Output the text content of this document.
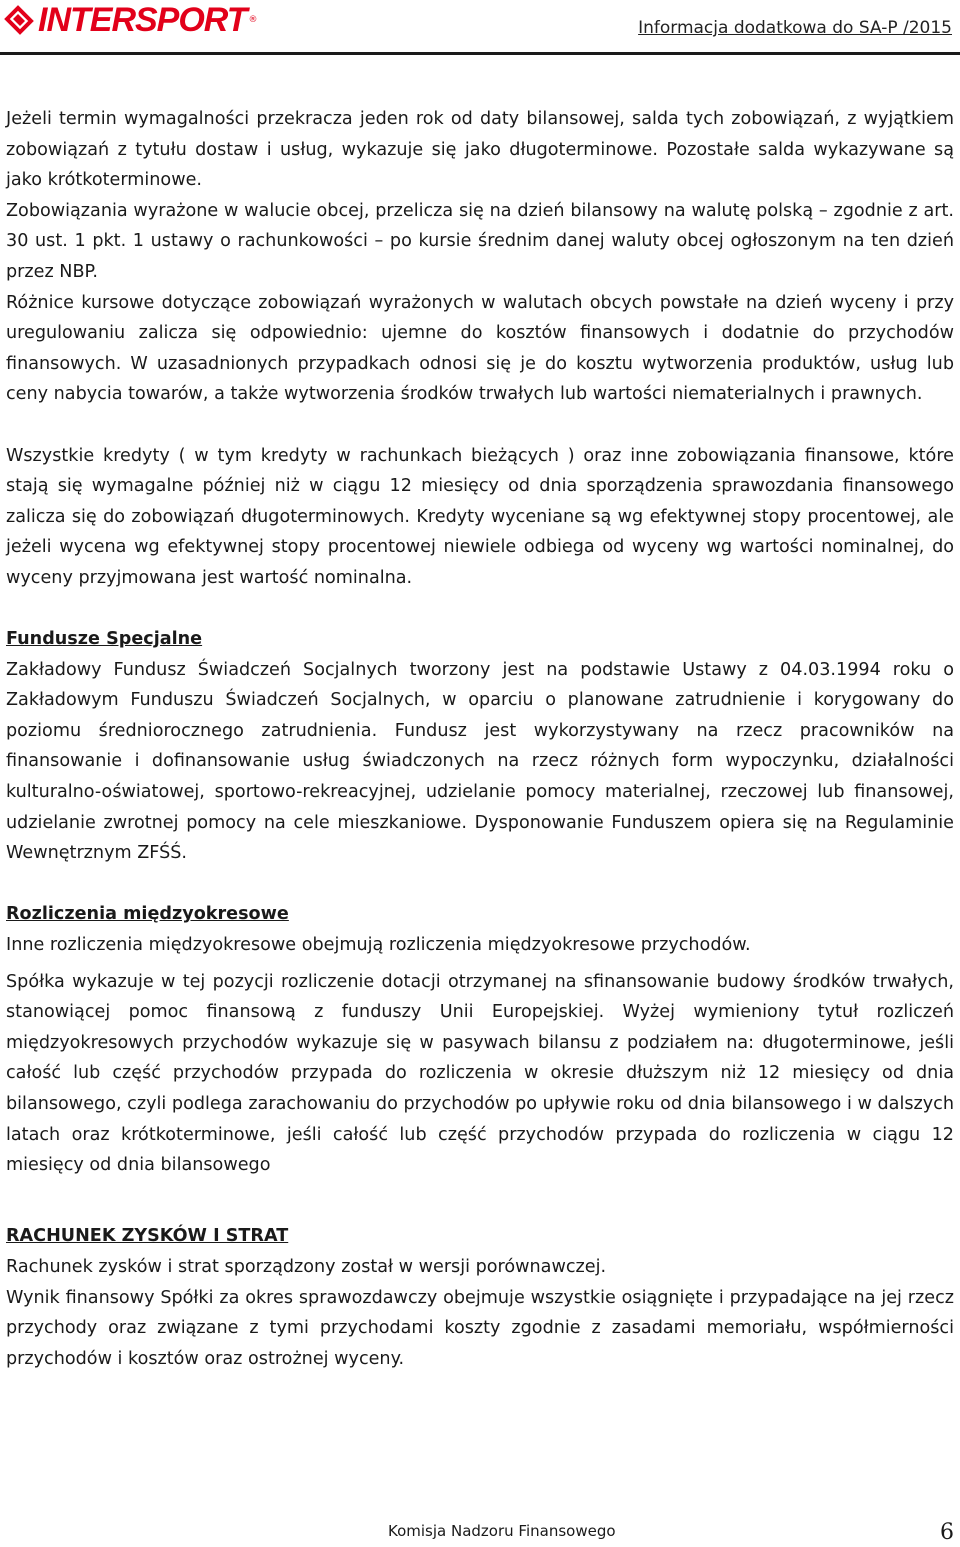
INTERSPORT ®	Informacja dodatkowa do SA-P /2015

Jeżeli termin wymagalności przekracza jeden rok od daty bilansowej, salda tych zobowiązań, z wyjątkiem zobowiązań z tytułu dostaw i usług, wykazuje się jako długoterminowe. Pozostałe salda wykazywane są jako krótkoterminowe.

Zobowiązania wyrażone w walucie obcej, przelicza się na dzień bilansowy na walutę polską – zgodnie z art. 30 ust. 1 pkt. 1 ustawy o rachunkowości – po kursie średnim danej waluty obcej ogłoszonym na ten dzień przez NBP.

Różnice kursowe dotyczące zobowiązań wyrażonych w walutach obcych powstałe na dzień wyceny i przy uregulowaniu zalicza się odpowiednio: ujemne do kosztów finansowych i dodatnie do przychodów finansowych. W uzasadnionych przypadkach odnosi się je do kosztu wytworzenia produktów, usług lub ceny nabycia towarów, a także wytworzenia środków trwałych lub wartości niematerialnych i prawnych.

Wszystkie kredyty ( w tym kredyty w rachunkach bieżących ) oraz inne zobowiązania finansowe, które stają się wymagalne później niż w ciągu 12 miesięcy od dnia sporządzenia sprawozdania finansowego zalicza się do zobowiązań długoterminowych. Kredyty wyceniane są wg efektywnej stopy procentowej, ale jeżeli wycena wg efektywnej stopy procentowej niewiele odbiega od wyceny wg wartości nominalnej, do wyceny przyjmowana jest wartość nominalna.

Fundusze Specjalne

Zakładowy Fundusz Świadczeń Socjalnych tworzony jest na podstawie Ustawy z 04.03.1994 roku o Zakładowym Funduszu Świadczeń Socjalnych, w oparciu o planowane zatrudnienie i korygowany do poziomu średniorocznego zatrudnienia. Fundusz jest wykorzystywany na rzecz pracowników na finansowanie i dofinansowanie usług świadczonych na rzecz różnych form wypoczynku, działalności kulturalno-oświatowej, sportowo-rekreacyjnej, udzielanie pomocy materialnej, rzeczowej lub finansowej, udzielanie zwrotnej pomocy na cele mieszkaniowe. Dysponowanie Funduszem opiera się na Regulaminie Wewnętrznym ZFŚŚ.

Rozliczenia międzyokresowe

Inne rozliczenia międzyokresowe obejmują rozliczenia międzyokresowe przychodów.

Spółka wykazuje w tej pozycji rozliczenie dotacji otrzymanej na sfinansowanie budowy środków trwałych, stanowiącej pomoc finansową z funduszy Unii Europejskiej. Wyżej wymieniony tytuł rozliczeń międzyokresowych przychodów wykazuje się w pasywach bilansu z podziałem na: długoterminowe, jeśli całość lub część przychodów przypada do rozliczenia w okresie dłuższym niż 12 miesięcy od dnia bilansowego, czyli podlega zarachowaniu do przychodów po upływie roku od dnia bilansowego i w dalszych latach oraz krótkoterminowe, jeśli całość lub część przychodów przypada do rozliczenia w ciągu 12 miesięcy od dnia bilansowego

RACHUNEK ZYSKÓW I STRAT

Rachunek zysków i strat sporządzony został w wersji porównawczej.

Wynik finansowy Spółki za okres sprawozdawczy obejmuje wszystkie osiągnięte i przypadające na jej rzecz przychody oraz związane z tymi przychodami koszty zgodnie z zasadami memoriału, współmierności przychodów i kosztów oraz ostrożnej wyceny.

Komisja Nadzoru Finansowego	6
